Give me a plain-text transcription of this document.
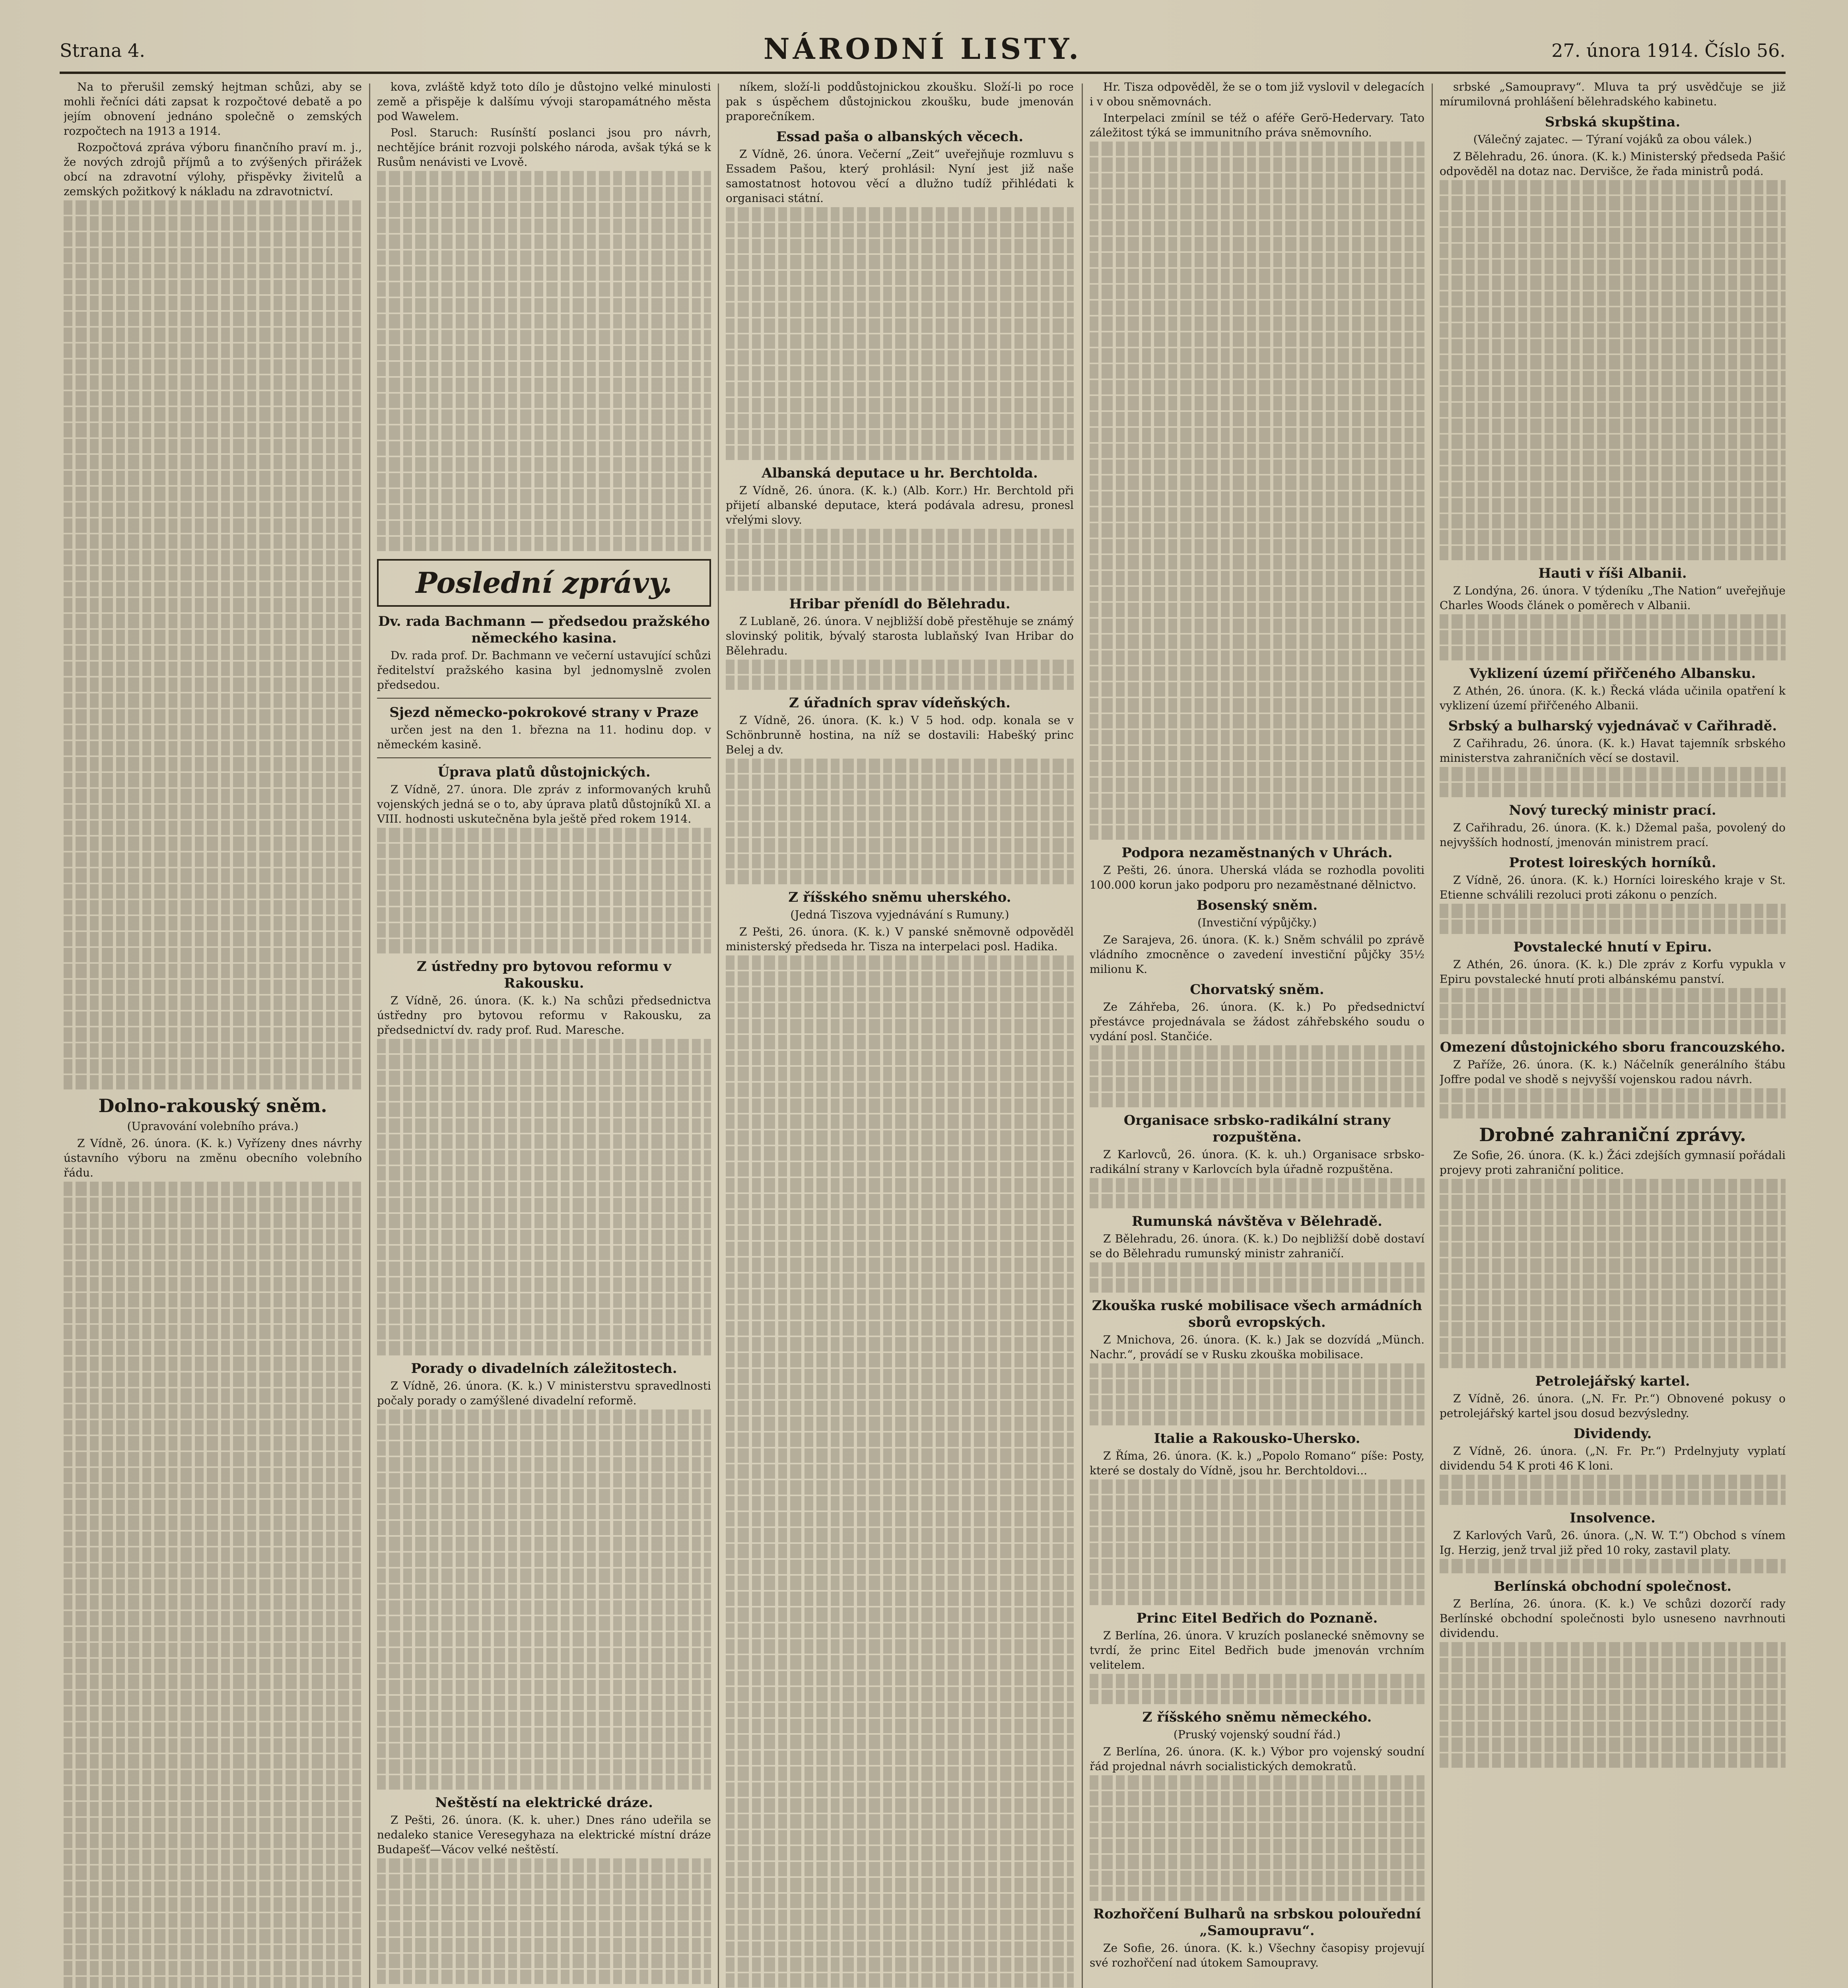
Strana 4.	NÁRODNÍ LISTY.	27. února 1914. Číslo 56.

Na to přerušil zemský hejtman schůzi, aby se mohli řečníci dáti zapsat k rozpočtové debatě a po jejím obnovení jednáno společně o zemských rozpočtech na 1913 a 1914.

Rozpočtová zpráva výboru finančního praví m. j., že nových zdrojů příjmů a to zvýšených přirážek obcí na zdravotní výlohy, přispěvky živitelů a zemských požitkový k nákladu na zdravotnictví.

Dolno-rakouský sněm.

(Upravování volebního práva.)

Z Vídně, 26. února. (K. k.) Vyřízeny dnes návrhy ústavního výboru na změnu obecního volebního řádu.

kova, zvláště když toto dílo je důstojno velké minulosti země a přispěje k dalšímu vývoji staropamátného města pod Wawelem.

Posl. Staruch: Rusínští poslanci jsou pro návrh, nechtějíce bránit rozvoji polského národa, avšak týká se k Rusům nenávisti ve Lvově.

Poslední zprávy.
Dv. rada Bachmann — předsedou pražského německého kasina.

Dv. rada prof. Dr. Bachmann ve večerní ustavující schůzi ředitelství pražského kasina byl jednomyslně zvolen předsedou.

Sjezd německo-pokrokové strany v Praze

určen jest na den 1. března na 11. hodinu dop. v německém kasině.

Úprava platů důstojnických.

Z Vídně, 27. února. Dle zpráv z informovaných kruhů vojenských jedná se o to, aby úprava platů důstojníků XI. a VIII. hodnosti uskutečněna byla ještě před rokem 1914.

Z ústředny pro bytovou reformu v Rakousku.

Z Vídně, 26. února. (K. k.) Na schůzi předsednictva ústředny pro bytovou reformu v Rakousku, za předsednictví dv. rady prof. Rud. Maresche.

Porady o divadelních záležitostech.

Z Vídně, 26. února. (K. k.) V ministerstvu spravedlnosti počaly porady o zamýšlené divadelní reformě.

Neštěstí na elektrické dráze.

Z Pešti, 26. února. (K. k. uher.) Dnes ráno udeřila se nedaleko stanice Veresegyhaza na elektrické místní dráze Budapešť—Vácov velké neštěstí.

níkem, složí-li poddůstojnickou zkoušku. Složí-li po roce pak s úspěchem důstojnickou zkoušku, bude jmenován praporečníkem.

Essad paša o albanských věcech.

Z Vídně, 26. února. Večerní „Zeit“ uveřejňuje rozmluvu s Essadem Pašou, který prohlásil: Nyní jest již naše samostatnost hotovou věcí a dlužno tudíž přihlédati k organisaci státní.

Albanská deputace u hr. Berchtolda.

Z Vídně, 26. února. (K. k.) (Alb. Korr.) Hr. Berchtold při přijetí albanské deputace, která podávala adresu, pronesl vřelými slovy.

Hribar přenídl do Bělehradu.

Z Lublaně, 26. února. V nejbližší době přestěhuje se známý slovinský politik, bývalý starosta lublaňský Ivan Hribar do Bělehradu.

Z úřadních sprav vídeňských.

Z Vídně, 26. února. (K. k.) V 5 hod. odp. konala se v Schönbrunně hostina, na níž se dostavili: Habešký princ Belej a dv.

Z říšského sněmu uherského.

(Jedná Tiszova vyjednávání s Rumuny.)

Z Pešti, 26. února. (K. k.) V panské sněmovně odpověděl ministerský předseda hr. Tisza na interpelaci posl. Hadika.

Hr. Tisza odpověděl, že se o tom již vyslovil v delegacích i v obou sněmovnách.

Interpelaci zmínil se též o aféře Gerö-Hedervary. Tato záležitost týká se immunitního práva sněmovního.

Podpora nezaměstnaných v Uhrách.

Z Pešti, 26. února. Uherská vláda se rozhodla povoliti 100.000 korun jako podporu pro nezaměstnané dělnictvo.

Bosenský sněm.

(Investiční výpůjčky.)

Ze Sarajeva, 26. února. (K. k.) Sněm schválil po zprávě vládního zmocněnce o zavedení investiční půjčky 35½ milionu K.

Chorvatský sněm.

Ze Záhřeba, 26. února. (K. k.) Po předsednictví přestávce projednávala se žádost záhřebského soudu o vydání posl. Stančiće.

Organisace srbsko-radikální strany rozpuštěna.

Z Karlovců, 26. února. (K. k. uh.) Organisace srbsko-radikální strany v Karlovcích byla úřadně rozpuštěna.

Rumunská návštěva v Bělehradě.

Z Bělehradu, 26. února. (K. k.) Do nejbližší době dostaví se do Bělehradu rumunský ministr zahraničí.

Zkouška ruské mobilisace všech armádních sborů evropských.

Z Mnichova, 26. února. (K. k.) Jak se dozvídá „Münch. Nachr.“, provádí se v Rusku zkouška mobilisace.

Italie a Rakousko-Uhersko.

Z Říma, 26. února. (K. k.) „Popolo Romano“ píše: Posty, které se dostaly do Vídně, jsou hr. Berchtoldovi...

Princ Eitel Bedřich do Poznaně.

Z Berlína, 26. února. V kruzích poslanecké sněmovny se tvrdí, že princ Eitel Bedřich bude jmenován vrchním velitelem.

Z říšského sněmu německého.

(Pruský vojenský soudní řád.)

Z Berlína, 26. února. (K. k.) Výbor pro vojenský soudní řád projednal návrh socialistických demokratů.

Rozhořčení Bulharů na srbskou polouřední „Samoupravu“.

Ze Sofie, 26. února. (K. k.) Všechny časopisy projevují své rozhořčení nad útokem Samoupravy.

srbské „Samoupravy“. Mluva ta prý usvědčuje se již mírumilovná prohlášení bělehradského kabinetu.

Srbská skupština.

(Válečný zajatec. — Týraní vojáků za obou válek.)

Z Bělehradu, 26. února. (K. k.) Ministerský předseda Pašić odpověděl na dotaz nac. Dervišce, že řada ministrů podá.

Hauti v říši Albanii.

Z Londýna, 26. února. V týdeníku „The Nation“ uveřejňuje Charles Woods článek o poměrech v Albanii.

Vyklizení území přiřčeného Albansku.

Z Athén, 26. února. (K. k.) Řecká vláda učinila opatření k vyklizení území přiřčeného Albanii.

Srbský a bulharský vyjednávač v Cařihradě.

Z Cařihradu, 26. února. (K. k.) Havat tajemník srbského ministerstva zahraničních věcí se dostavil.

Nový turecký ministr prací.

Z Cařihradu, 26. února. (K. k.) Džemal paša, povolený do nejvyšších hodností, jmenován ministrem prací.

Protest loireských horníků.

Z Vídně, 26. února. (K. k.) Horníci loireského kraje v St. Etienne schválili rezoluci proti zákonu o penzích.

Povstalecké hnutí v Epiru.

Z Athén, 26. února. (K. k.) Dle zpráv z Korfu vypukla v Epiru povstalecké hnutí proti albánskému panství.

Omezení důstojnického sboru francouzského.

Z Paříže, 26. února. (K. k.) Náčelník generálního štábu Joffre podal ve shodě s nejvyšší vojenskou radou návrh.

Drobné zahraniční zprávy.

Ze Sofie, 26. února. (K. k.) Žáci zdejších gymnasií pořádali projevy proti zahraniční politice.

Petrolejářský kartel.

Z Vídně, 26. února. („N. Fr. Pr.“) Obnovené pokusy o petrolejářský kartel jsou dosud bezvýsledny.

Dividendy.

Z Vídně, 26. února. („N. Fr. Pr.“) Prdelnyjuty vyplatí dividendu 54 K proti 46 K loni.

Insolvence.

Z Karlových Varů, 26. února. („N. W. T.“) Obchod s vínem Ig. Herzig, jenž trval již před 10 roky, zastavil platy.

Berlínská obchodní společnost.

Z Berlína, 26. února. (K. k.) Ve schůzi dozorčí rady Berlínské obchodní společnosti bylo usneseno navrhnouti dividendu.
